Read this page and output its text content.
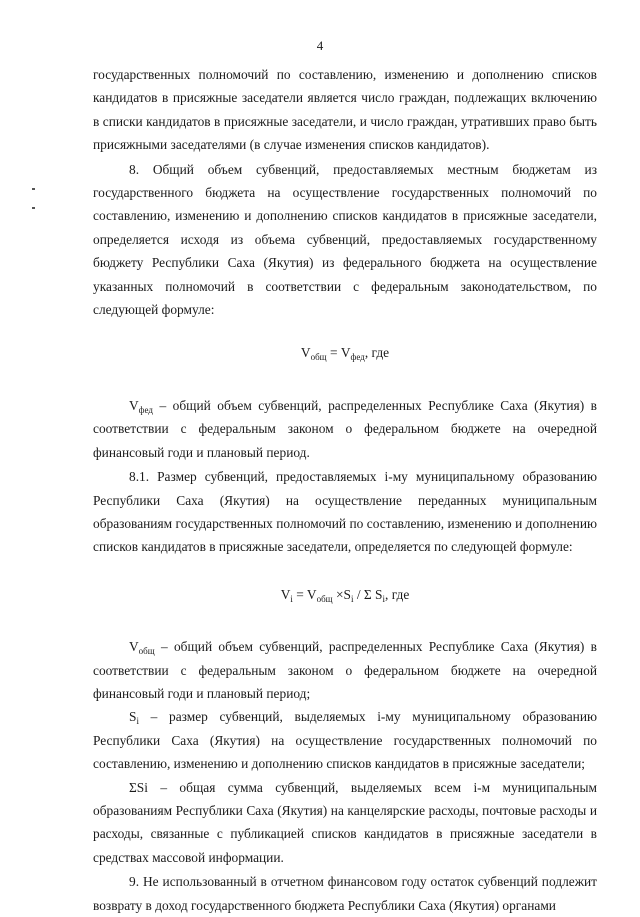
4

государственных полномочий по составлению, изменению и дополнению списков кандидатов в присяжные заседатели является число граждан, подлежащих включению в списки кандидатов в присяжные заседатели, и число граждан, утративших право быть присяжными заседателями (в случае изменения списков кандидатов).

8. Общий объем субвенций, предоставляемых местным бюджетам из государственного бюджета на осуществление государственных полномочий по составлению, изменению и дополнению списков кандидатов в присяжные заседатели, определяется исходя из объема субвенций, предоставляемых государственному бюджету Республики Саха (Якутия) из федерального бюджета на осуществление указанных полномочий в соответствии с федеральным законодательством, по следующей формуле:

$V_{общ} = V_{фед}$, где

$V_{фед}$ – общий объем субвенций, распределенных Республике Саха (Якутия) в соответствии с федеральным законом о федеральном бюджете на очередной финансовый годи и плановый период.

8.1. Размер субвенций, предоставляемых i-му муниципальному образованию Республики Саха (Якутия) на осуществление переданных муниципальным образованиям государственных полномочий по составлению, изменению и дополнению списков кандидатов в присяжные заседатели, определяется по следующей формуле:

$V_i = V_{общ} \times S_i / \Sigma$ $S_i$, где

$V_{общ}$ – общий объем субвенций, распределенных Республике Саха (Якутия) в соответствии с федеральным законом о федеральном бюджете на очередной финансовый годи и плановый период;

$S_i$ – размер субвенций, выделяемых i-му муниципальному образованию Республики Саха (Якутия) на осуществление государственных полномочий по составлению, изменению и дополнению списков кандидатов в присяжные заседатели;

ΣSi – общая сумма субвенций, выделяемых всем i-м муниципальным образованиям Республики Саха (Якутия) на канцелярские расходы, почтовые расходы и расходы, связанные с публикацией списков кандидатов в присяжные заседатели в средствах массовой информации.

9. Не использованный в отчетном финансовом году остаток субвенций подлежит возврату в доход государственного бюджета Республики Саха (Якутия) органами
